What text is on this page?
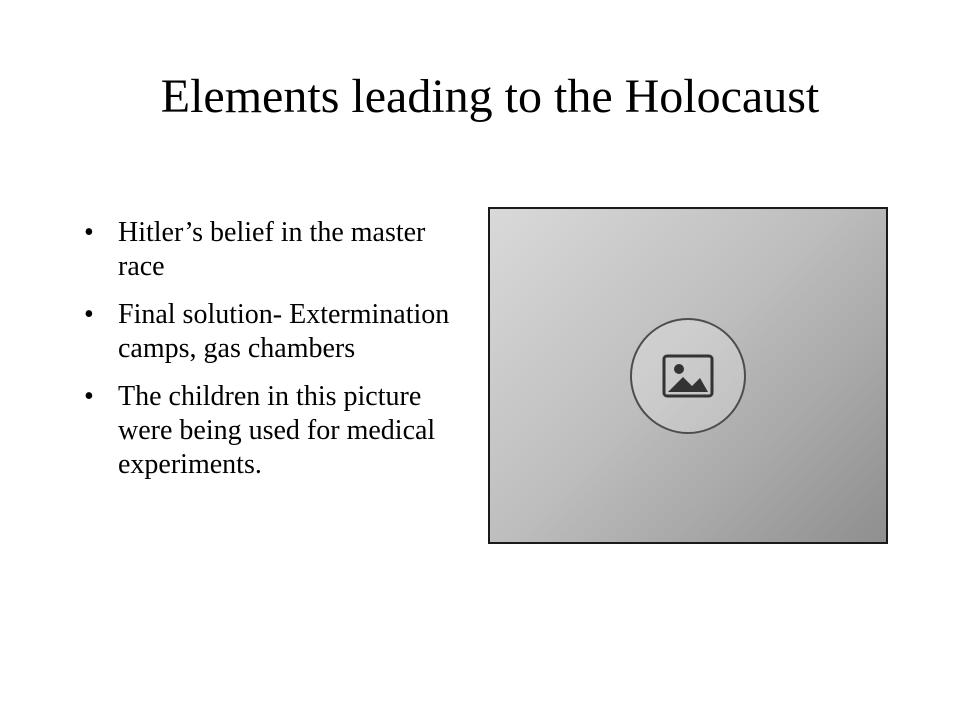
Elements leading to the Holocaust
• Hitler’s belief in the master race
• Final solution- Extermination camps, gas chambers
• The children in this picture were being used for medical experiments.
